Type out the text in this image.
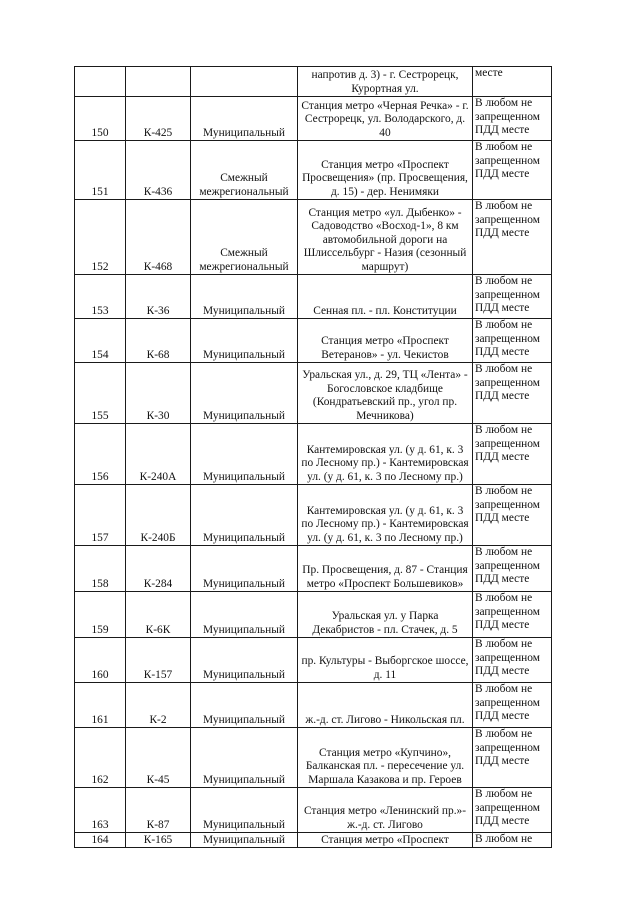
			напротив д. 3) - г. Сестрорецк, Курортная ул.	месте
150	К-425	Муниципальный	Станция метро «Черная Речка» - г. Сестрорецк, ул. Володарского, д. 40	В любом не запрещенном ПДД месте
151	К-436	Смежный межрегиональный	Станция метро «Проспект Просвещения» (пр. Просвещения, д. 15) - дер. Ненимяки	В любом не запрещенном ПДД месте
152	К-468	Смежный межрегиональный	Станция метро «ул. Дыбенко» - Садоводство «Восход-1», 8 км автомобильной дороги на Шлиссельбург - Назия (сезонный маршрут)	В любом не запрещенном ПДД месте
153	К-36	Муниципальный	Сенная пл. - пл. Конституции	В любом не запрещенном ПДД месте
154	К-68	Муниципальный	Станция метро «Проспект Ветеранов» - ул. Чекистов	В любом не запрещенном ПДД месте
155	К-30	Муниципальный	Уральская ул., д. 29, ТЦ «Лента» - Богословское кладбище (Кондратьевский пр., угол пр. Мечникова)	В любом не запрещенном ПДД месте
156	К-240А	Муниципальный	Кантемировская ул. (у д. 61, к. 3 по Лесному пр.) - Кантемировская ул. (у д. 61, к. 3 по Лесному пр.)	В любом не запрещенном ПДД месте
157	К-240Б	Муниципальный	Кантемировская ул. (у д. 61, к. 3 по Лесному пр.) - Кантемировская ул. (у д. 61, к. 3 по Лесному пр.)	В любом не запрещенном ПДД месте
158	К-284	Муниципальный	Пр. Просвещения, д. 87 - Станция метро «Проспект Большевиков»	В любом не запрещенном ПДД месте
159	К-6К	Муниципальный	Уральская ул. у Парка Декабристов - пл. Стачек, д. 5	В любом не запрещенном ПДД месте
160	К-157	Муниципальный	пр. Культуры - Выборгское шоссе, д. 11	В любом не запрещенном ПДД месте
161	К-2	Муниципальный	ж.-д. ст. Лигово - Никольская пл.	В любом не запрещенном ПДД месте
162	К-45	Муниципальный	Станция метро «Купчино», Балканская пл. - пересечение ул. Маршала Казакова и пр. Героев	В любом не запрещенном ПДД месте
163	К-87	Муниципальный	Станция метро «Ленинский пр.»- ж.-д. ст. Лигово	В любом не запрещенном ПДД месте
164	К-165	Муниципальный	Станция метро «Проспект	В любом не
